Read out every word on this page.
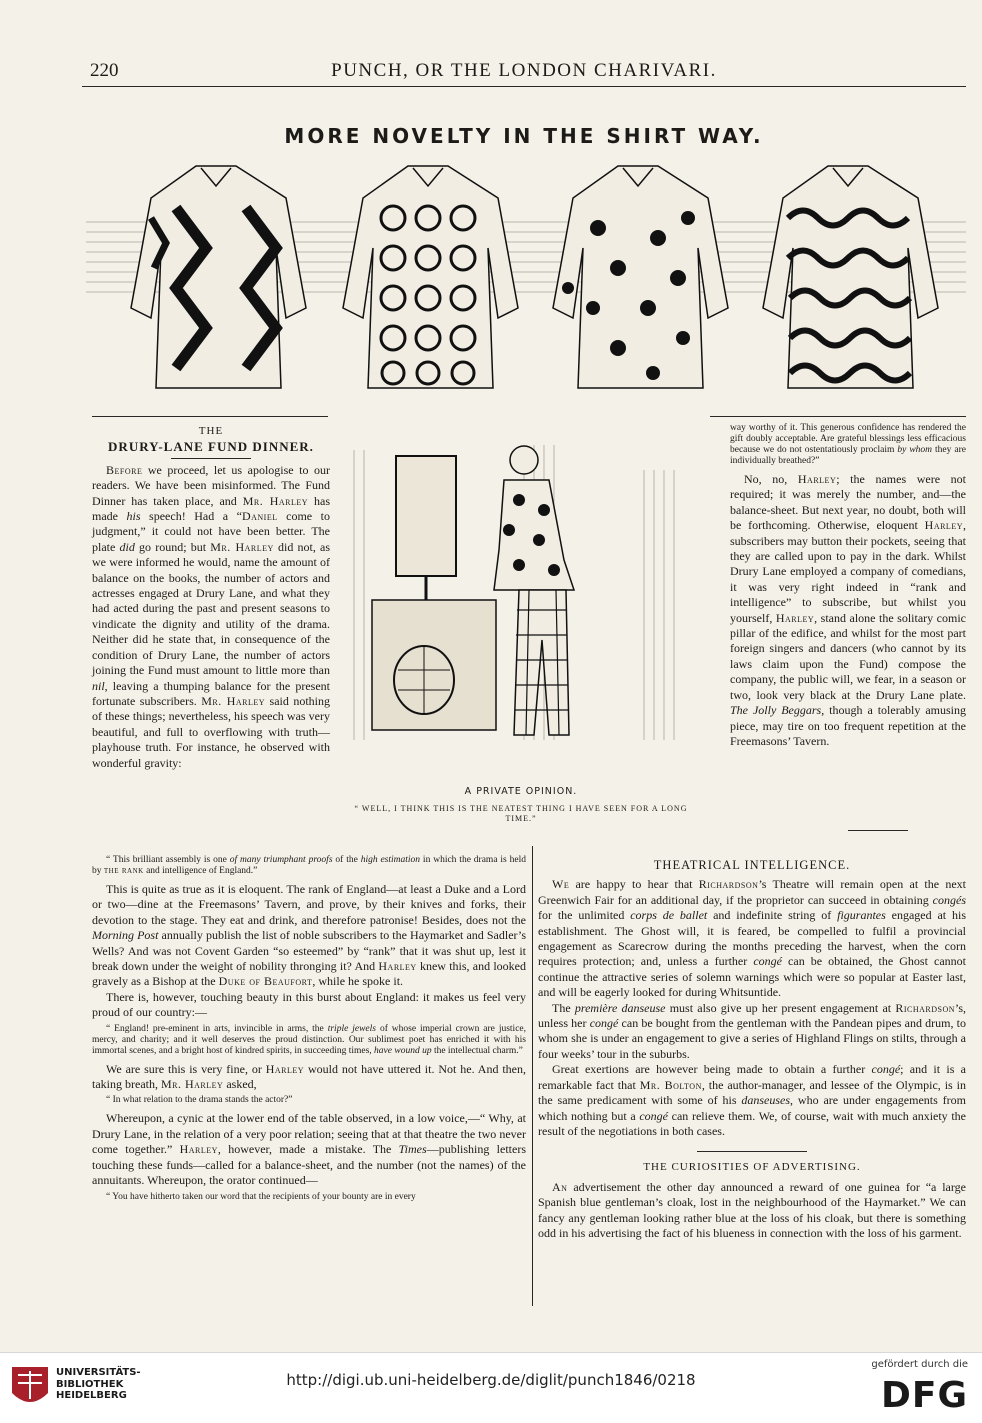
220	PUNCH, OR THE LONDON CHARIVARI.
MORE NOVELTY IN THE SHIRT WAY.
THE
DRURY-LANE FUND DINNER.

Before we proceed, let us apologise to our readers. We have been misinformed. The Fund Dinner has taken place, and Mr. Harley has made his speech! Had a “Daniel come to judgment,” it could not have been better. The plate did go round; but Mr. Harley did not, as we were informed he would, name the amount of balance on the books, the number of actors and actresses engaged at Drury Lane, and what they had acted during the past and present seasons to vindicate the dignity and utility of the drama. Neither did he state that, in consequence of the condition of Drury Lane, the number of actors joining the Fund must amount to little more than nil, leaving a thumping balance for the present fortunate subscribers. Mr. Harley said nothing of these things; nevertheless, his speech was very beautiful, and full to overflowing with truth—playhouse truth. For instance, he observed with wonderful gravity:

A PRIVATE OPINION.
“ WELL, I THINK THIS IS THE NEATEST THING I HAVE SEEN FOR A LONG TIME.”

way worthy of it. This generous confidence has rendered the gift doubly acceptable. Are grateful blessings less efficacious because we do not ostentatiously proclaim by whom they are individually breathed?”

No, no, Harley; the names were not required; it was merely the number, and—the balance-sheet. But next year, no doubt, both will be forthcoming. Otherwise, eloquent Harley, subscribers may button their pockets, seeing that they are called upon to pay in the dark. Whilst Drury Lane employed a company of comedians, it was very right indeed in “rank and intelligence” to subscribe, but whilst you yourself, Harley, stand alone the solitary comic pillar of the edifice, and whilst for the most part foreign singers and dancers (who cannot by its laws claim upon the Fund) compose the company, the public will, we fear, in a season or two, look very black at the Drury Lane plate. The Jolly Beggars, though a tolerably amusing piece, may tire on too frequent repetition at the Freemasons’ Tavern.

“ This brilliant assembly is one of many triumphant proofs of the high estimation in which the drama is held by the rank and intelligence of England.”

This is quite as true as it is eloquent. The rank of England—at least a Duke and a Lord or two—dine at the Freemasons’ Tavern, and prove, by their knives and forks, their devotion to the stage. They eat and drink, and therefore patronise! Besides, does not the Morning Post annually publish the list of noble subscribers to the Haymarket and Sadler’s Wells? And was not Covent Garden “so esteemed” by “rank” that it was shut up, lest it break down under the weight of nobility thronging it? And Harley knew this, and looked gravely as a Bishop at the Duke of Beaufort, while he spoke it.

There is, however, touching beauty in this burst about England: it makes us feel very proud of our country:—

“ England! pre-eminent in arts, invincible in arms, the triple jewels of whose imperial crown are justice, mercy, and charity; and it well deserves the proud distinction. Our sublimest poet has enriched it with his immortal scenes, and a bright host of kindred spirits, in succeeding times, have wound up the intellectual charm.”

We are sure this is very fine, or Harley would not have uttered it. Not he. And then, taking breath, Mr. Harley asked,

“ In what relation to the drama stands the actor?”

Whereupon, a cynic at the lower end of the table observed, in a low voice,—“ Why, at Drury Lane, in the relation of a very poor relation; seeing that at that theatre the two never come together.” Harley, however, made a mistake. The Times—publishing letters touching these funds—called for a balance-sheet, and the number (not the names) of the annuitants. Whereupon, the orator continued—

“ You have hitherto taken our word that the recipients of your bounty are in every

THEATRICAL INTELLIGENCE.

We are happy to hear that Richardson’s Theatre will remain open at the next Greenwich Fair for an additional day, if the proprietor can succeed in obtaining congés for the unlimited corps de ballet and indefinite string of figurantes engaged at his establishment. The Ghost will, it is feared, be compelled to fulfil a provincial engagement as Scarecrow during the months preceding the harvest, when the corn requires protection; and, unless a further congé can be obtained, the Ghost cannot continue the attractive series of solemn warnings which were so popular at Easter last, and will be eagerly looked for during Whitsuntide.

The première danseuse must also give up her present engagement at Richardson’s, unless her congé can be bought from the gentleman with the Pandean pipes and drum, to whom she is under an engagement to give a series of Highland Flings on stilts, through a four weeks’ tour in the suburbs.

Great exertions are however being made to obtain a further congé; and it is a remarkable fact that Mr. Bolton, the author-manager, and lessee of the Olympic, is in the same predicament with some of his danseuses, who are under engagements from which nothing but a congé can relieve them. We, of course, wait with much anxiety the result of the negotiations in both cases.

THE CURIOSITIES OF ADVERTISING.

An advertisement the other day announced a reward of one guinea for “a large Spanish blue gentleman’s cloak, lost in the neighbourhood of the Haymarket.” We can fancy any gentleman looking rather blue at the loss of his cloak, but there is something odd in his advertising the fact of his blueness in connection with the loss of his garment.

UNIVERSITÄTS-
BIBLIOTHEK
HEIDELBERG
http://digi.ub.uni-heidelberg.de/diglit/punch1846/0218
gefördert durch die
DFG
